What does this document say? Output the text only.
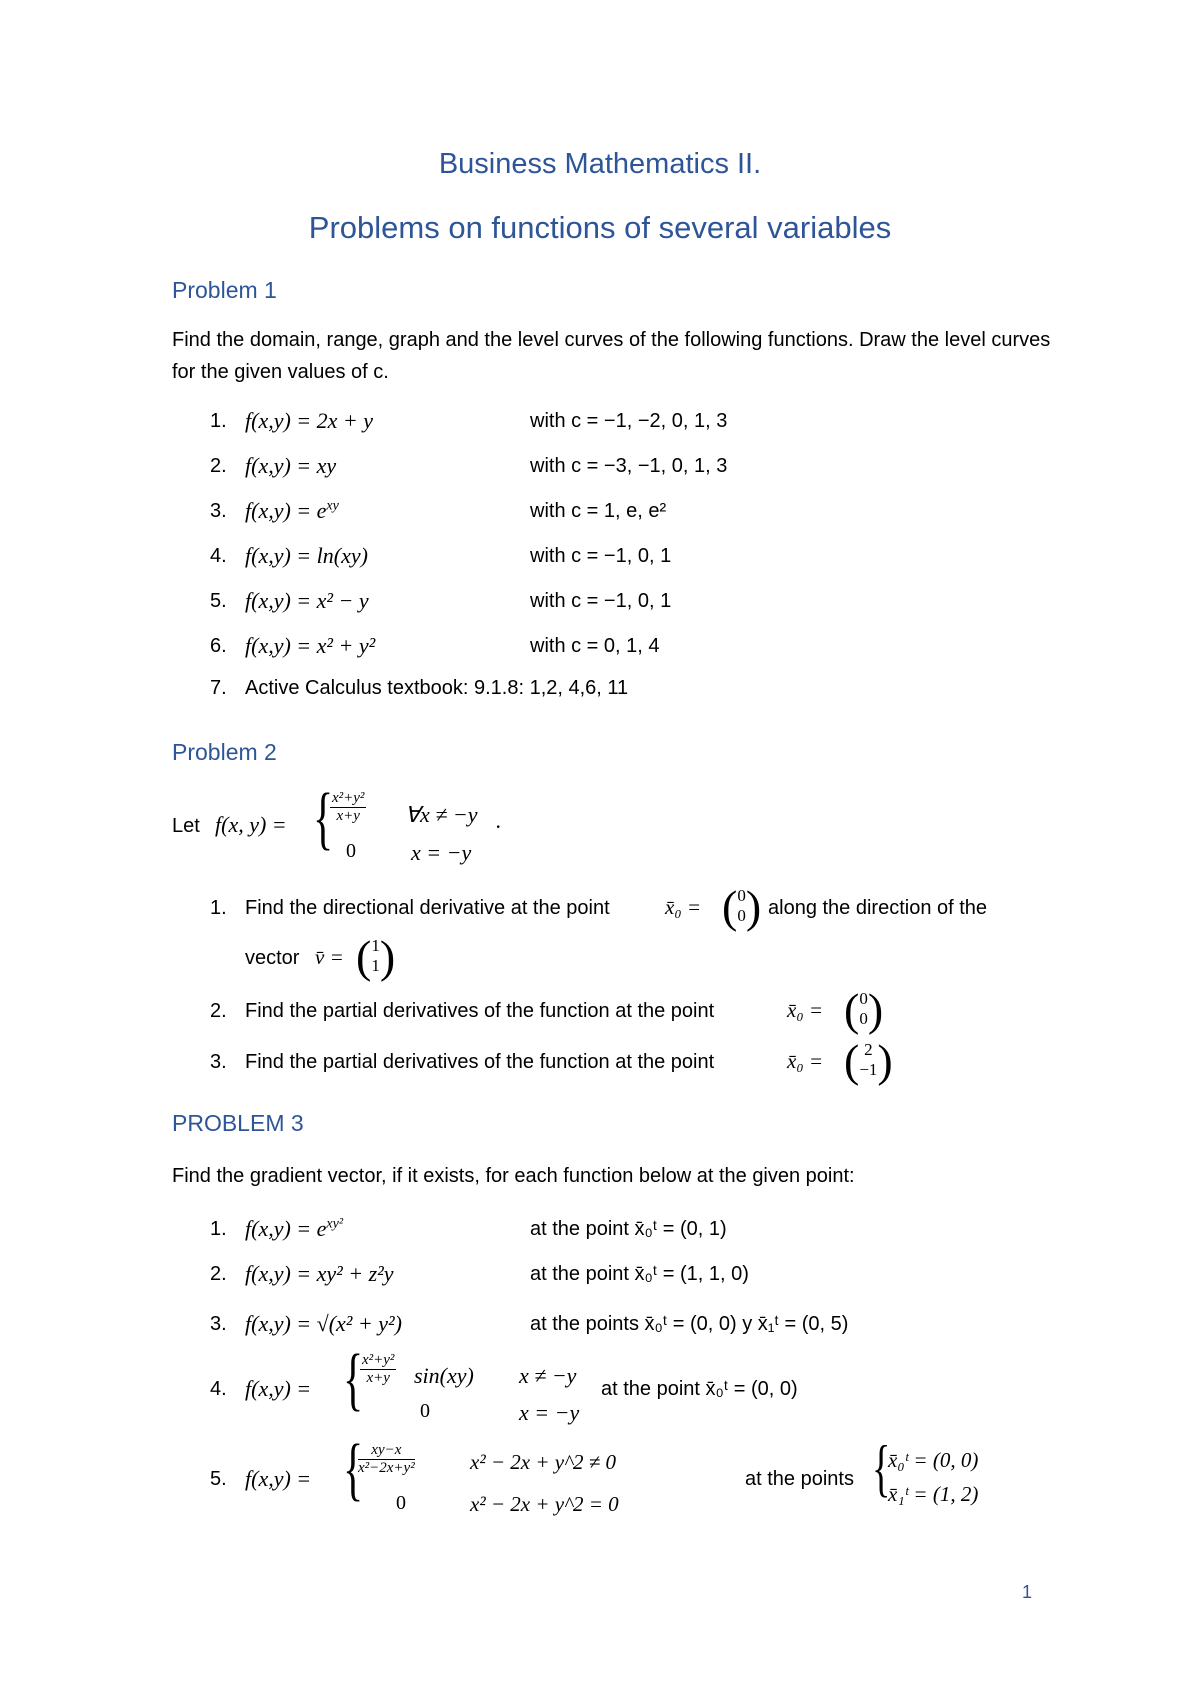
Business Mathematics II.
Problems on functions of several variables
Problem 1
Find the domain, range, graph and the level curves of the following functions. Draw the level curves for the given values of c.
1. f(x,y) = 2x + y	with c = −1, −2, 0, 1, 3
2. f(x,y) = xy	with c = −3, −1, 0, 1, 3
3. $f(x,y) = e^{xy}$	with c = 1, e, e²
4. f(x,y) = ln(xy)	with c = −1, 0, 1
5. f(x,y) = x² − y	with c = −1, 0, 1
6. f(x,y) = x² + y²	with c = 0, 1, 4
7. Active Calculus textbook: 9.1.8: 1,2, 4,6, 11
Problem 2
Let f(x, y) = {
$\frac{\text{x²+y²}}{x+y}$ ∀x ≠ −y .
0	x = −y
1. Find the directional derivative at the point	x̄₀ = (0
0) along the direction of the
vector v̄ = (1
1)
2. Find the partial derivatives of the function at the point	x̄₀ = (0
0)
3. Find the partial derivatives of the function at the point	x̄₀ = ( 2
−1)
PROBLEM 3
Find the gradient vector, if it exists, for each function below at the given point:
1. $f(x,y) = e^{xy^2}$	at the point x̄₀ᵗ = (0, 1)
2. f(x,y) = xy² + z²y	at the point x̄₀ᵗ = (1, 1, 0)
3. f(x,y) = √(x² + y²)	at the points x̄₀ᵗ = (0, 0) y x̄₁ᵗ = (0, 5)
4. f(x,y) = {
$\frac{\text{x²+y²}}{x+y} \sin(xy) x \ne -y$
at the point x̄₀ᵗ = (0, 0)
0	x = −y
5. f(x,y) = {
$\frac{xy-x}{\text{x²−2x+y²}}$	x² − 2x + y^2 ≠ 0
0	x² − 2x + y^2 = 0
at the points {
x̄₀ᵗ = (0, 0)
x̄₁ᵗ = (1, 2)
1
